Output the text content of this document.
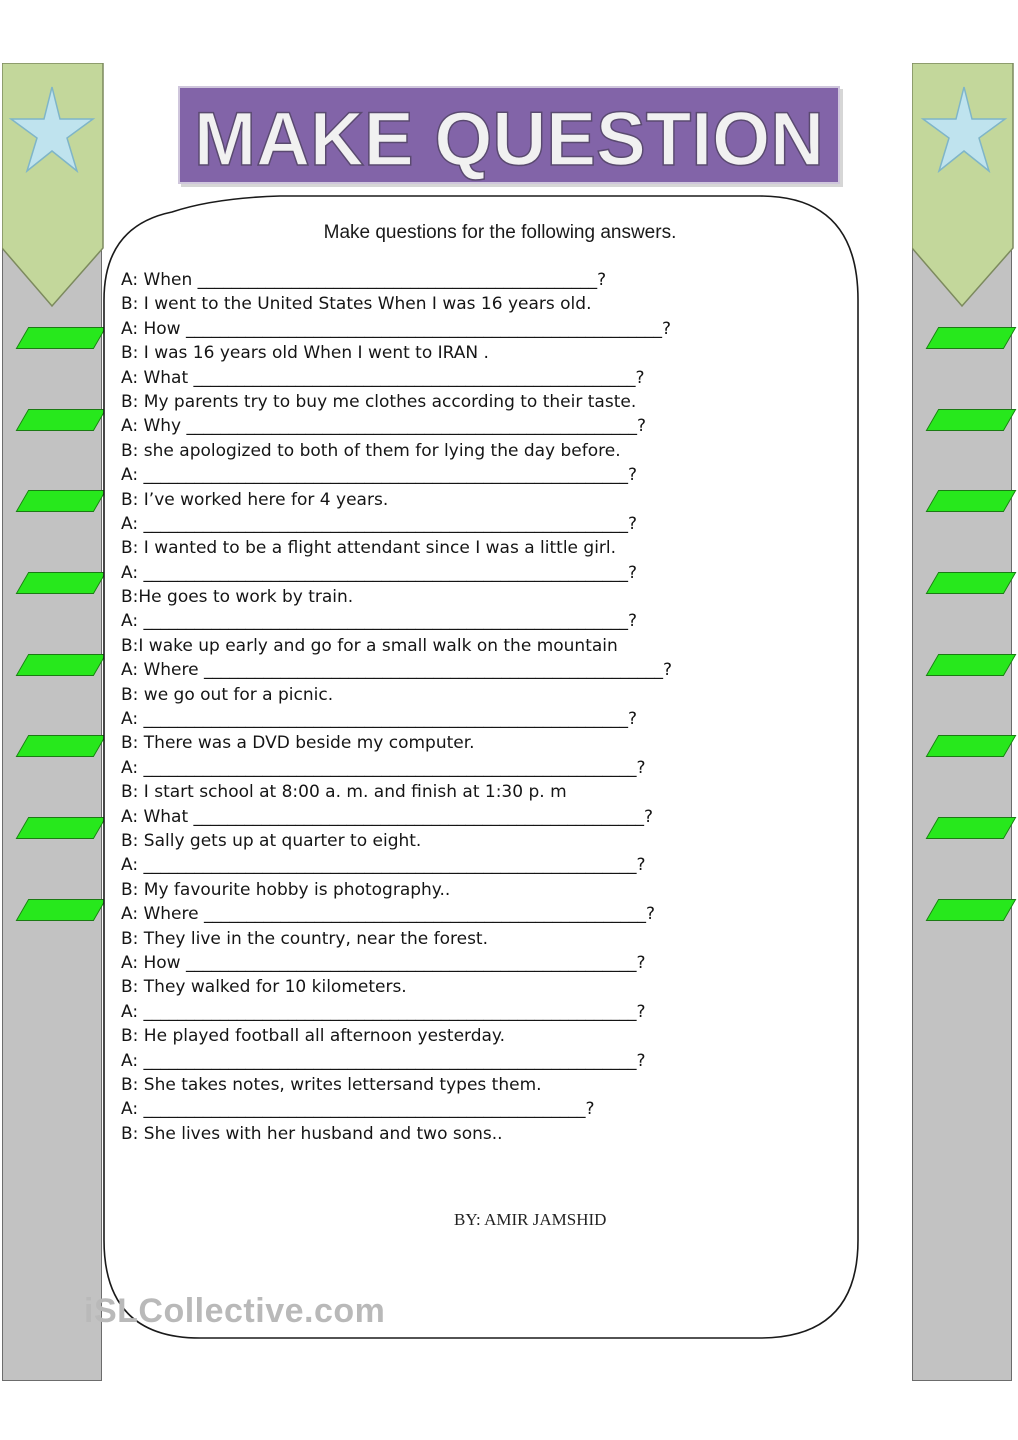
MAKE QUESTION
Make questions for the following answers.
A: When _______________________________________________?
B: I went to the United States When I was 16 years old.
A: How ________________________________________________________?
B: I was 16 years old When I went to IRAN .
A: What ____________________________________________________?
B: My parents try to buy me clothes according to their taste.
A: Why _____________________________________________________?
B: she apologized to both of them for lying the day before.
A: _________________________________________________________?
B: I’ve worked here for 4 years.
A: _________________________________________________________?
B: I wanted to be a flight attendant since I was a little girl.
A: _________________________________________________________?
B:He goes to work by train.
A: _________________________________________________________?
B:I wake up early and go for a small walk on the mountain
A: Where ______________________________________________________?
B: we go out for a picnic.
A: _________________________________________________________?
B: There was a DVD beside my computer.
A: __________________________________________________________?
B: I start school at 8:00 a. m. and finish at 1:30 p. m
A: What _____________________________________________________?
B: Sally gets up at quarter to eight.
A: __________________________________________________________?
B: My favourite hobby is photography..
A: Where ____________________________________________________?
B: They live in the country, near the forest.
A: How _____________________________________________________?
B: They walked for 10 kilometers.
A: __________________________________________________________?
B: He played football all afternoon yesterday.
A: __________________________________________________________?
B: She takes notes, writes lettersand types them.
A: ____________________________________________________?
B: She lives with her husband and two sons..
BY: AMIR JAMSHID
iSLCollective.com
